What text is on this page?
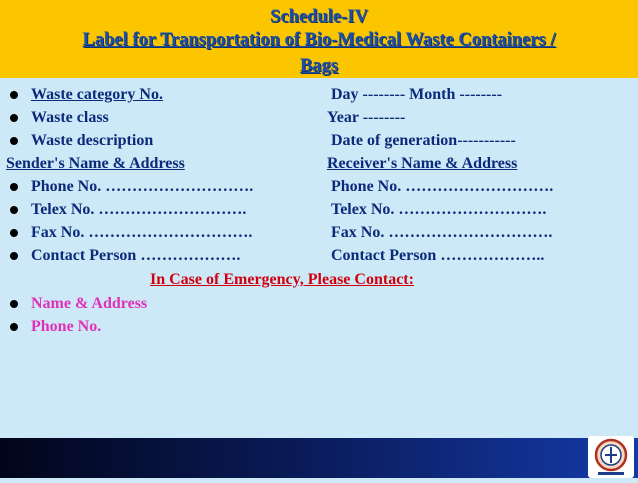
Schedule-IV
Label for Transportation of Bio-Medical Waste Containers /
Bags
Waste category No.
Waste class
Waste description
Sender's Name & Address
Phone No. ……………………….
Telex No. ……………………….
Fax No. ………………………….
Contact Person ……………….
Day -------- Month --------
Year --------
Date of generation-----------
Receiver's Name & Address
Phone No. ……………………….
Telex No. ……………………….
Fax No. ………………………….
Contact Person ………………..
In Case of Emergency, Please Contact:
Name & Address
Phone No.
